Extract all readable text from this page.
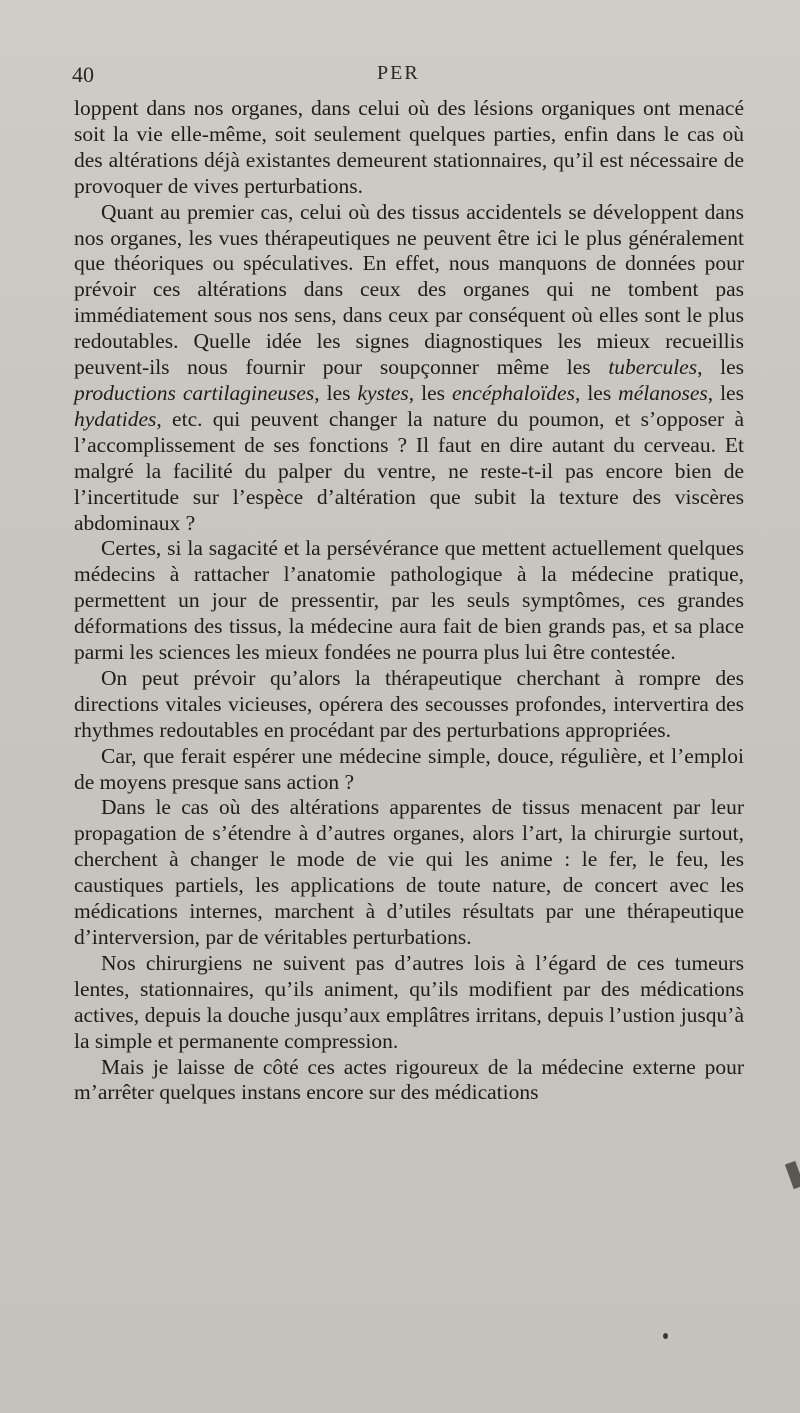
40	PER

loppent dans nos organes, dans celui où des lésions organiques ont menacé soit la vie elle-même, soit seulement quelques parties, enfin dans le cas où des altérations déjà existantes demeurent stationnaires, qu’il est nécessaire de provoquer de vives perturbations.

Quant au premier cas, celui où des tissus accidentels se développent dans nos organes, les vues thérapeutiques ne peuvent être ici le plus généralement que théoriques ou spéculatives. En effet, nous manquons de données pour prévoir ces altérations dans ceux des organes qui ne tombent pas immédiatement sous nos sens, dans ceux par conséquent où elles sont le plus redoutables. Quelle idée les signes diagnostiques les mieux recueillis peuvent-ils nous fournir pour soupçonner même les tubercules, les productions cartilagineuses, les kystes, les encéphaloïdes, les mélanoses, les hydatides, etc. qui peuvent changer la nature du poumon, et s’opposer à l’accomplissement de ses fonctions ? Il faut en dire autant du cerveau. Et malgré la facilité du palper du ventre, ne reste-t-il pas encore bien de l’incertitude sur l’espèce d’altération que subit la texture des viscères abdominaux ?

Certes, si la sagacité et la persévérance que mettent actuellement quelques médecins à rattacher l’anatomie pathologique à la médecine pratique, permettent un jour de pressentir, par les seuls symptômes, ces grandes déformations des tissus, la médecine aura fait de bien grands pas, et sa place parmi les sciences les mieux fondées ne pourra plus lui être contestée.

On peut prévoir qu’alors la thérapeutique cherchant à rompre des directions vitales vicieuses, opérera des secousses profondes, intervertira des rhythmes redoutables en procédant par des perturbations appropriées.

Car, que ferait espérer une médecine simple, douce, régulière, et l’emploi de moyens presque sans action ?

Dans le cas où des altérations apparentes de tissus menacent par leur propagation de s’étendre à d’autres organes, alors l’art, la chirurgie surtout, cherchent à changer le mode de vie qui les anime : le fer, le feu, les caustiques partiels, les applications de toute nature, de concert avec les médications internes, marchent à d’utiles résultats par une thérapeutique d’interversion, par de véritables perturbations.

Nos chirurgiens ne suivent pas d’autres lois à l’égard de ces tumeurs lentes, stationnaires, qu’ils animent, qu’ils modifient par des médications actives, depuis la douche jusqu’aux emplâtres irritans, depuis l’ustion jusqu’à la simple et permanente compression.

Mais je laisse de côté ces actes rigoureux de la médecine externe pour m’arrêter quelques instans encore sur des médications
